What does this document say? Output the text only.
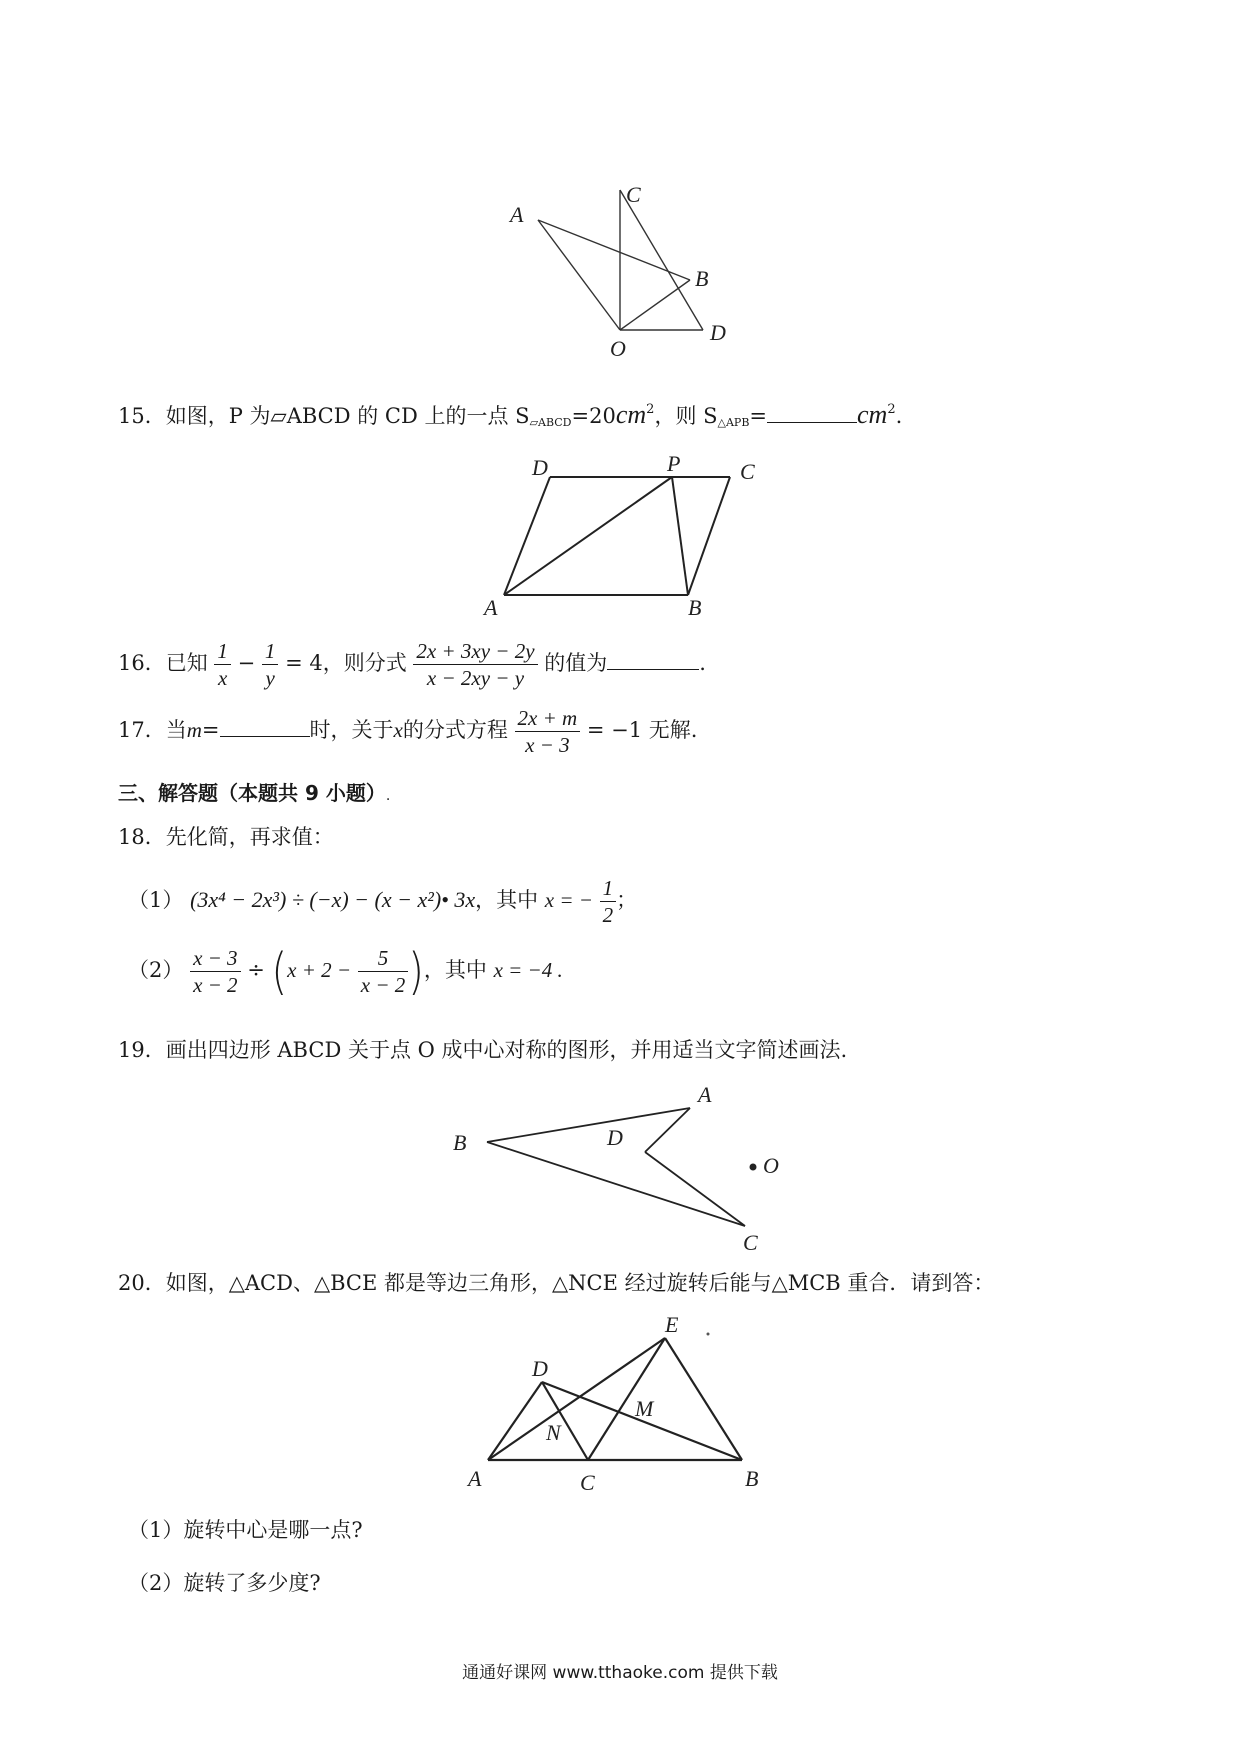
A
C
B
O
D
15．如图，P 为▱ABCD 的 CD 上的一点 $S_{▱ABCD}=20cm^2$，则 $S_{\triangle APB}=$	$cm^2$.
D	P	C
A	B
16．已知 $\frac{1}{x} - \frac{1}{y} = 4$，则分式 $\frac{2x + 3xy - 2y}{x - 2xy - y}$ 的值为	.
17．当m=	时，关于x的分式方程 $\frac{2x + m}{x - 3} = -1$ 无解.
三、解答题（本题共 9 小题）.
18．先化简，再求值：
（1） (3x⁴ − 2x³) ÷ (−x) − (x − x²)• 3x，其中 x = − $\frac{1}{2}$ ；
$(2) \frac{x - 3}{x - 2} \div (x + 2 - \frac{5}{x - 2}$ )，其中 x = −4 .
19．画出四边形 ABCD 关于点 O 成中心对称的图形，并用适当文字简述画法.
A
B	D
O
C
20．如图，△ACD、△BCE 都是等边三角形，△NCE 经过旋转后能与△MCB 重合．请到答：
E
D
M
N
A	C	B
（1）旋转中心是哪一点?
（2）旋转了多少度?
通通好课网 www.tthaoke.com 提供下载
